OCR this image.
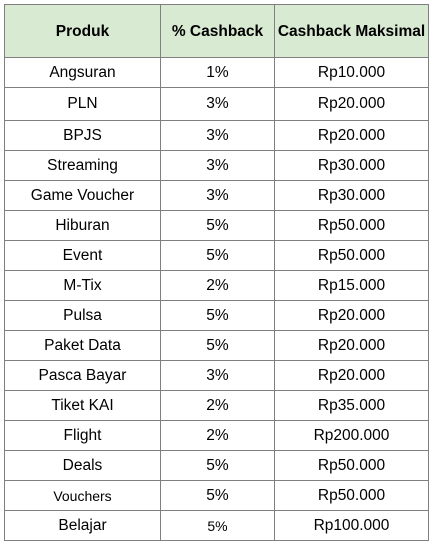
Produk	% Cashback	Cashback Maksimal
Angsuran	1%	Rp10.000
PLN	3%	Rp20.000
BPJS	3%	Rp20.000
Streaming	3%	Rp30.000
Game Voucher	3%	Rp30.000
Hiburan	5%	Rp50.000
Event	5%	Rp50.000
M-Tix	2%	Rp15.000
Pulsa	5%	Rp20.000
Paket Data	5%	Rp20.000
Pasca Bayar	3%	Rp20.000
Tiket KAI	2%	Rp35.000
Flight	2%	Rp200.000
Deals	5%	Rp50.000
Vouchers	5%	Rp50.000
Belajar	5%	Rp100.000
